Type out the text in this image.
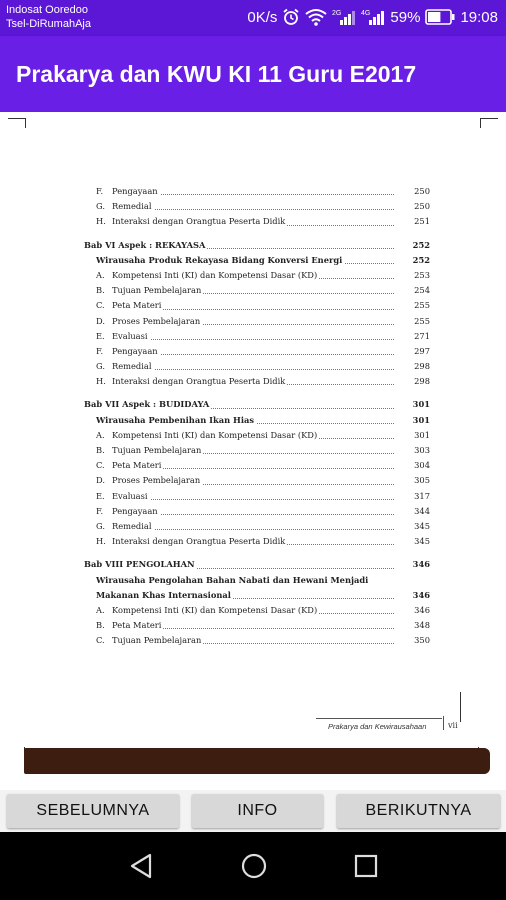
Indosat Ooredoo
Tsel-DiRumahAja	0K/s	2G	4G 59%	19:08
Prakarya dan KWU KI 11 Guru E2017
F. Pengayaan	250
G. Remedial	250
H. Interaksi dengan Orangtua Peserta Didik	251
Bab VI Aspek : REKAYASA	252
Wirausaha Produk Rekayasa Bidang Konversi Energi	252
A. Kompetensi Inti (KI) dan Kompetensi Dasar (KD)	253
B. Tujuan Pembelajaran	254
C. Peta Materi	255
D. Proses Pembelajaran	255
E. Evaluasi	271
F. Pengayaan	297
G. Remedial	298
H. Interaksi dengan Orangtua Peserta Didik	298
Bab VII Aspek : BUDIDAYA	301
Wirausaha Pembenihan Ikan Hias	301
A. Kompetensi Inti (KI) dan Kompetensi Dasar (KD)	301
B. Tujuan Pembelajaran	303
C. Peta Materi	304
D. Proses Pembelajaran	305
E. Evaluasi	317
F. Pengayaan	344
G. Remedial	345
H. Interaksi dengan Orangtua Peserta Didik	345
Bab VIII PENGOLAHAN	346
Wirausaha Pengolahan Bahan Nabati dan Hewani Menjadi
Makanan Khas Internasional	346
A. Kompetensi Inti (KI) dan Kompetensi Dasar (KD)	346
B. Peta Materi	348
C. Tujuan Pembelajaran	350
Prakarya dan Kewirausahaan	vii
SEBELUMNYA	INFO	BERIKUTNYA
